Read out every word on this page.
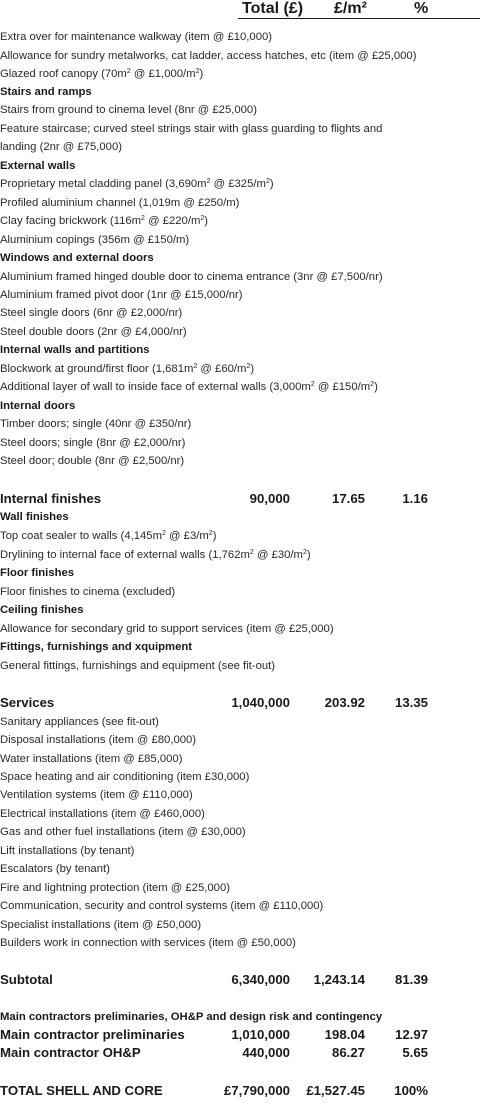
Total (£) £/m²	%
Extra over for maintenance walkway (item @ £10,000)
Allowance for sundry metalworks, cat ladder, access hatches, etc (item @ £25,000)
Glazed roof canopy ($70m^2$ @ $£1,000/m^2$)
Stairs and ramps
Stairs from ground to cinema level (8nr @ £25,000)
Feature staircase; curved steel strings stair with glass guarding to flights and
landing (2nr @ £75,000)
External walls
Proprietary metal cladding panel ($3,690m^2$ @ $£325/m^2$)
Profiled aluminium channel (1,019m @ £250/m)
Clay facing brickwork ($116m^2$ @ $£220/m^2$)
Aluminium copings (356m @ £150/m)
Windows and external doors
Aluminium framed hinged double door to cinema entrance (3nr @ £7,500/nr)
Aluminium framed pivot door (1nr @ £15,000/nr)
Steel single doors (6nr @ £2,000/nr)
Steel double doors (2nr @ £4,000/nr)
Internal walls and partitions
Blockwork at ground/first floor ($1,681m^2$ @ $£60/m^2$)
Additional layer of wall to inside face of external walls ($3,000m^2$ @ $£150/m^2$)
Internal doors
Timber doors; single (40nr @ £350/nr)
Steel doors; single (8nr @ £2,000/nr)
Steel door; double (8nr @ £2,500/nr)
Internal finishes	90,000	17.65	1.16
Wall finishes
Top coat sealer to walls ($4,145m^2$ @ $£3/m^2$)
Drylining to internal face of external walls ($1,762m^2$ @ $£30/m^2$)
Floor finishes
Floor finishes to cinema (excluded)
Ceiling finishes
Allowance for secondary grid to support services (item @ £25,000)
Fittings, furnishings and xquipment
General fittings, furnishings and equipment (see fit-out)
Services	1,040,000	203.92 13.35
Sanitary appliances (see fit-out)
Disposal installations (item @ £80,000)
Water installations (item @ £85,000)
Space heating and air conditioning (item £30,000)
Ventilation systems (item @ £110,000)
Electrical installations (item @ £460,000)
Gas and other fuel installations (item @ £30,000)
Lift installations (by tenant)
Escalators (by tenant)
Fire and lightning protection (item @ £25,000)
Communication, security and control systems (item @ £110,000)
Specialist installations (item @ £50,000)
Builders work in connection with services (item @ £50,000)
Subtotal	6,340,000 1,243.14 81.39
Main contractors preliminaries, OH&P and design risk and contingency
Main contractor preliminaries	1,010,000	198.04 12.97
Main contractor OH&P	440,000	86.27	5.65
TOTAL SHELL AND CORE	£7,790,000 £1,527.45 100%
